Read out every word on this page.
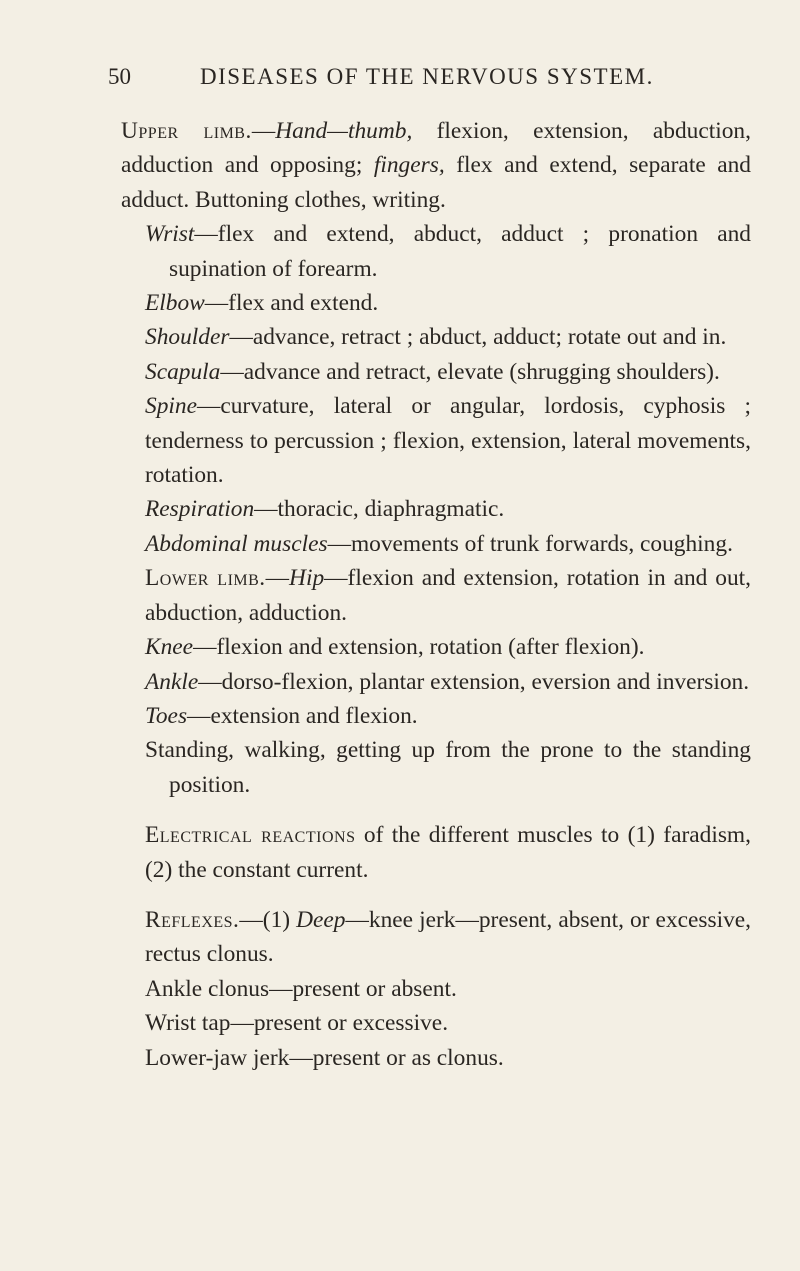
50	DISEASES OF THE NERVOUS SYSTEM.

Upper limb.—Hand—thumb, flexion, extension, abduction, adduction and opposing; fingers, flex and extend, separate and adduct. Buttoning clothes, writing.

Wrist—flex and extend, abduct, adduct ; pronation and supination of forearm.

Elbow—flex and extend.

Shoulder—advance, retract ; abduct, adduct; rotate out and in.

Scapula—advance and retract, elevate (shrugging shoulders).

Spine—curvature, lateral or angular, lordosis, cyphosis ; tenderness to percussion ; flexion, extension, lateral movements, rotation.

Respiration—thoracic, diaphragmatic.

Abdominal muscles—movements of trunk forwards, coughing.

Lower limb.—Hip—flexion and extension, rotation in and out, abduction, adduction.

Knee—flexion and extension, rotation (after flexion).

Ankle—dorso-flexion, plantar extension, eversion and inversion.

Toes—extension and flexion.

Standing, walking, getting up from the prone to the standing position.

Electrical reactions of the different muscles to (1) faradism, (2) the constant current.

Reflexes.—(1) Deep—knee jerk—present, absent, or excessive, rectus clonus.

Ankle clonus—present or absent.

Wrist tap—present or excessive.

Lower-jaw jerk—present or as clonus.
